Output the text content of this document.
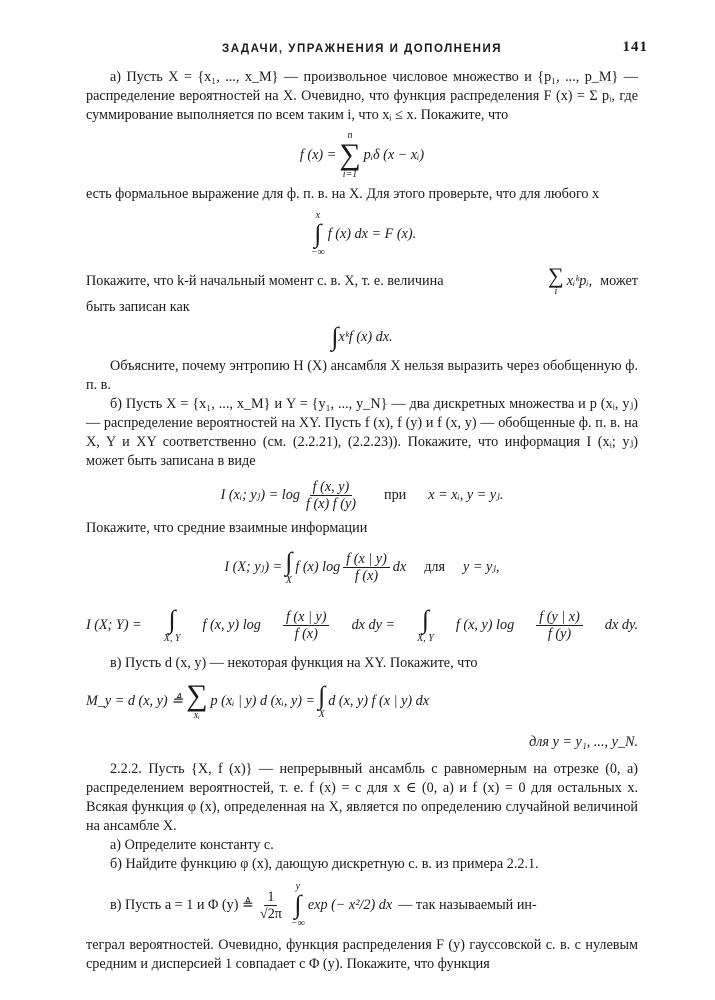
ЗАДАЧИ, УПРАЖНЕНИЯ И ДОПОЛНЕНИЯ	141

а) Пусть X = {x₁, ..., x_M} — произвольное числовое множество и {p₁, ..., p_M} — распределение вероятностей на X. Очевидно, что функция распределения F (x) = Σ pᵢ, где суммирование выполняется по всем таким i, что xᵢ ≤ x. Покажите, что

f (x) =
n
∑
i=1
pᵢδ (x − xᵢ)

есть формальное выражение для ф. п. в. на X. Для этого проверьте, что для любого x

x
∫
−∞
f (x) dx = F (x).
Покажите, что k-й начальный момент с. в. X, т. е. величина	∑
i
xᵢᵏpᵢ, может

быть записан как

∫ xᵏf (x) dx.

Объясните, почему энтропию H (X) ансамбля X нельзя выразить через обобщенную ф. п. в.

б) Пусть X = {x₁, ..., x_M} и Y = {y₁, ..., y_N} — два дискретных множества и p (xᵢ, yⱼ) — распределение вероятностей на XY. Пусть f (x), f (y) и f (x, y) — обобщенные ф. п. в. на X, Y и XY соответственно (см. (2.2.21), (2.2.23)). Покажите, что информация I (xᵢ; yⱼ) может быть записана в виде

I (xᵢ; yⱼ) = $\log \frac{f (x, y)}{f (x) f (y)}$ при x = xᵢ, y = yⱼ.

Покажите, что средние взаимные информации

I (X; yⱼ) = ∫
X
f (x) $\log \frac{f (x | y)}{f (x)}$ dx для y = yⱼ,
I (X; Y) = ∫
X, Y
f (x, y) $\log \frac{f (x | y)}{f (x)}$ dx dy = ∫
X, Y
f (x, y) $\log \frac{f (y | x)}{f (y)}$ dx dy.

в) Пусть d (x, y) — некоторая функция на XY. Покажите, что

M_y = d (x, y) ≜ ∑
xᵢ
p (xᵢ | y) d (xᵢ, y) = ∫
X
d (x, y) f (x | y) dx
для y = y₁, ..., y_N.

2.2.2. Пусть {X, f (x)} — непрерывный ансамбль с равномерным на отрезке (0, a) распределением вероятностей, т. е. f (x) = c для x ∈ (0, a) и f (x) = 0 для остальных x. Всякая функция φ (x), определенная на X, является по определению случайной величиной на ансамбле X.

а) Определите константу c.

б) Найдите функцию φ (x), дающую дискретную с. в. из примера 2.2.1.

в) Пусть a = 1 и Φ (y) ≜ $\frac{1}{√2\pi}$
y
∫
−∞
exp (− x²/2) dx — так называемый ин-

теграл вероятностей. Очевидно, функция распределения F (y) гауссовской с. в. с нулевым средним и дисперсией 1 совпадает с Φ (y). Покажите, что функция
